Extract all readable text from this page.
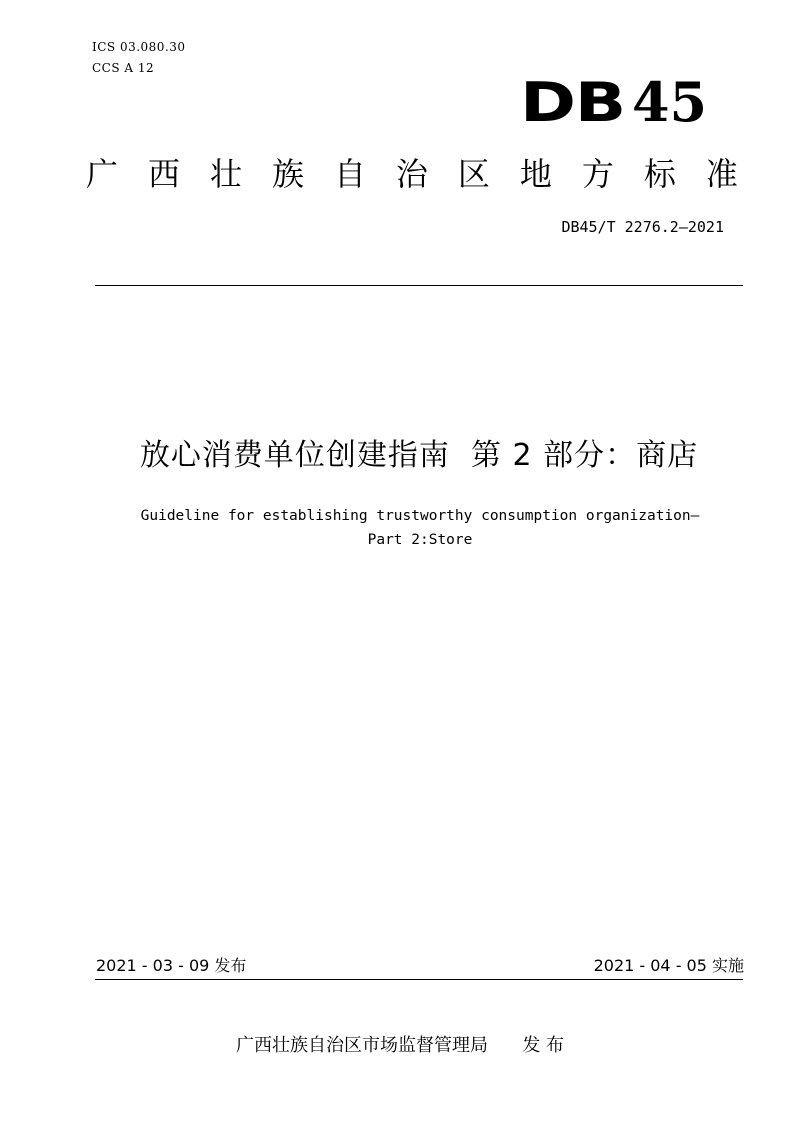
ICS 03.080.30
CCS A 12
DB 45
广 西 壮 族 自 治 区 地 方 标 准
DB45/T 2276.2—2021
放心消费单位创建指南  第 2 部分：商店
Guideline for establishing trustworthy consumption organization—
Part 2:Store
2021 - 03 - 09 发布	2021 - 04 - 05 实施
广西壮族自治区市场监督管理局      发 布
